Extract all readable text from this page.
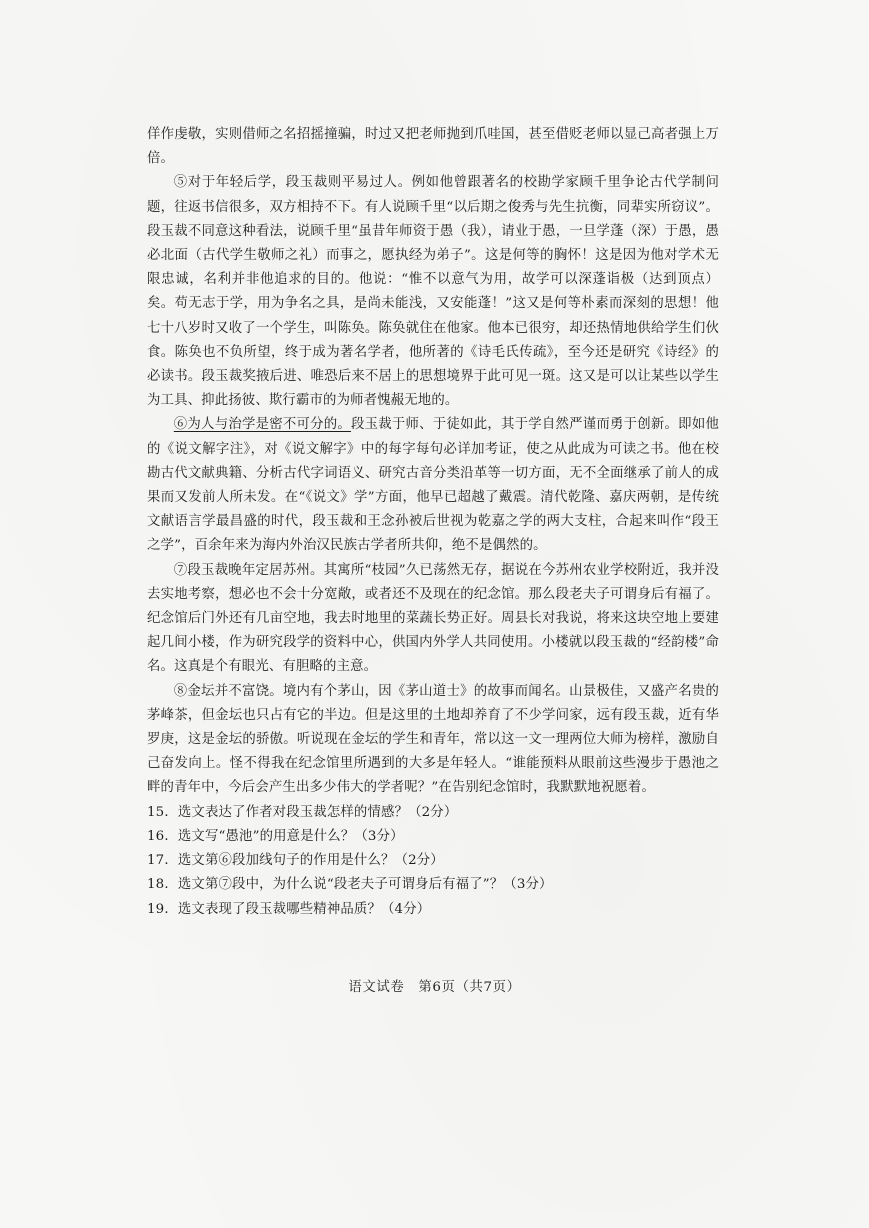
佯作虔敬，实则借师之名招摇撞骗，时过又把老师抛到爪哇国，甚至借贬老师以显己高者强上万倍。

⑤对于年轻后学，段玉裁则平易过人。例如他曾跟著名的校勘学家顾千里争论古代学制问题，往返书信很多，双方相持不下。有人说顾千里“以后期之俊秀与先生抗衡，同辈实所窃议”。段玉裁不同意这种看法，说顾千里“虽昔年师资于愚（我），请业于愚，一旦学蓬（深）于愚，愚必北面（古代学生敬师之礼）而事之，愿执经为弟子”。这是何等的胸怀！这是因为他对学术无限忠诚，名利并非他追求的目的。他说：“惟不以意气为用，故学可以深蓬诣极（达到顶点）矣。苟无志于学，用为争名之具，是尚未能浅，又安能蓬！”这又是何等朴素而深刻的思想！他七十八岁时又收了一个学生，叫陈奂。陈奂就住在他家。他本已很穷，却还热情地供给学生们伙食。陈奂也不负所望，终于成为著名学者，他所著的《诗毛氏传疏》，至今还是研究《诗经》的必读书。段玉裁奖掖后进、唯恐后来不居上的思想境界于此可见一斑。这又是可以让某些以学生为工具、抑此扬彼、欺行霸市的为师者愧赧无地的。

⑥为人与治学是密不可分的。段玉裁于师、于徒如此，其于学自然严谨而勇于创新。即如他的《说文解字注》，对《说文解字》中的每字每句必详加考证，使之从此成为可读之书。他在校勘古代文献典籍、分析古代字词语义、研究古音分类沿革等一切方面，无不全面继承了前人的成果而又发前人所未发。在“《说文》学”方面，他早已超越了戴震。清代乾隆、嘉庆两朝，是传统文献语言学最昌盛的时代，段玉裁和王念孙被后世视为乾嘉之学的两大支柱，合起来叫作“段王之学”，百余年来为海内外治汉民族古学者所共仰，绝不是偶然的。

⑦段玉裁晚年定居苏州。其寓所“枝园”久已荡然无存，据说在今苏州农业学校附近，我并没去实地考察，想必也不会十分宽敞，或者还不及现在的纪念馆。那么段老夫子可谓身后有福了。纪念馆后门外还有几亩空地，我去时地里的菜蔬长势正好。周县长对我说，将来这块空地上要建起几间小楼，作为研究段学的资料中心，供国内外学人共同使用。小楼就以段玉裁的“经韵楼”命名。这真是个有眼光、有胆略的主意。

⑧金坛并不富饶。境内有个茅山，因《茅山道士》的故事而闻名。山景极佳，又盛产名贵的茅峰茶，但金坛也只占有它的半边。但是这里的土地却养育了不少学问家，远有段玉裁，近有华罗庚，这是金坛的骄傲。听说现在金坛的学生和青年，常以这一文一理两位大师为榜样，激励自己奋发向上。怪不得我在纪念馆里所遇到的大多是年轻人。“谁能预料从眼前这些漫步于愚池之畔的青年中，今后会产生出多少伟大的学者呢？”在告别纪念馆时，我默默地祝愿着。

15．选文表达了作者对段玉裁怎样的情感？（2分）

16．选文写“愚池”的用意是什么？（3分）

17．选文第⑥段加线句子的作用是什么？（2分）

18．选文第⑦段中，为什么说“段老夫子可谓身后有福了”？（3分）

19．选文表现了段玉裁哪些精神品质？（4分）

语文试卷　第6页（共7页）
